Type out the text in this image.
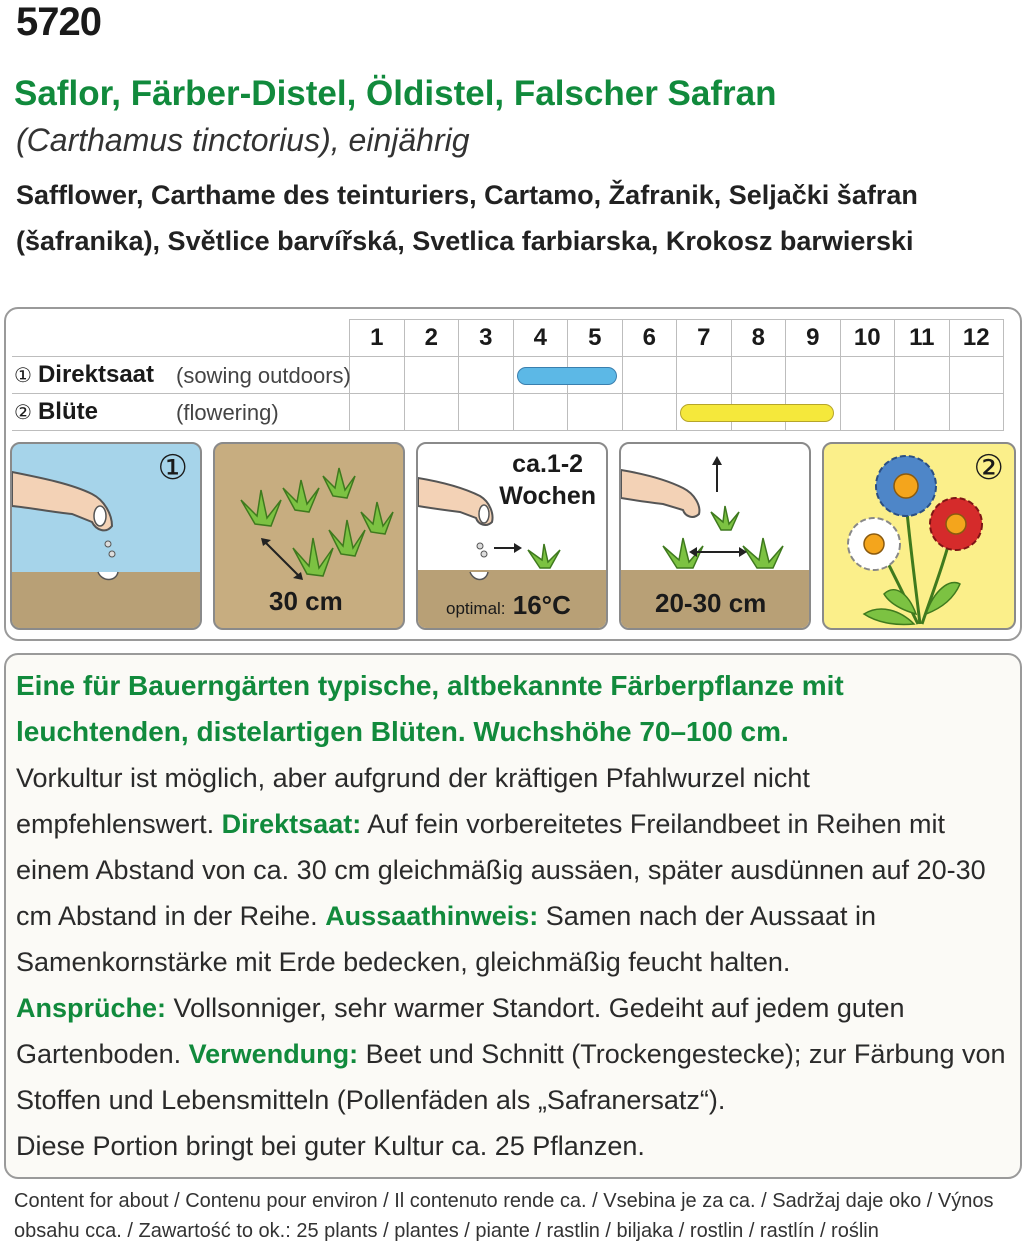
5720
Saflor, Färber-Distel, Öldistel, Falscher Safran
(Carthamus tinctorius), einjährig
Safflower, Carthame des teinturiers, Cartamo, Žafranik, Seljački šafran
(šafranika), Světlice barvířská, Svetlica farbiarska, Krokosz barwierski
	1	2	3	4	5	6	7	8	9	10	11	12
① Direktsaat (sowing outdoors)												

② Blüte (flowering)												

①
30 cm
ca.1-2
Wochen
optimal: 16°C	20-30 cm
②
Eine für Bauerngärten typische, altbekannte Färberpflanze mit leuchtenden, distelartigen Blüten. Wuchshöhe 70–100 cm.
Vorkultur ist möglich, aber aufgrund der kräftigen Pfahlwurzel nicht empfehlenswert. Direktsaat: Auf fein vorbereitetes Freilandbeet in Reihen mit einem Abstand von ca. 30 cm gleichmäßig aussäen, später ausdünnen auf 20-30 cm Abstand in der Reihe. Aussaathinweis: Samen nach der Aussaat in Samenkornstärke mit Erde bedecken, gleichmäßig feucht halten.
Ansprüche: Vollsonniger, sehr warmer Standort. Gedeiht auf jedem guten Gartenboden. Verwendung: Beet und Schnitt (Trockengestecke); zur Färbung von Stoffen und Lebensmitteln (Pollenfäden als „Safranersatz“).
Diese Portion bringt bei guter Kultur ca. 25 Pflanzen.
Content for about / Contenu pour environ / Il contenuto rende ca. / Vsebina je za ca. / Sadržaj daje oko / Výnos obsahu cca. / Zawartość to ok.: 25 plants / plantes / piante / rastlin / biljaka / rostlin / rastlín / roślin
